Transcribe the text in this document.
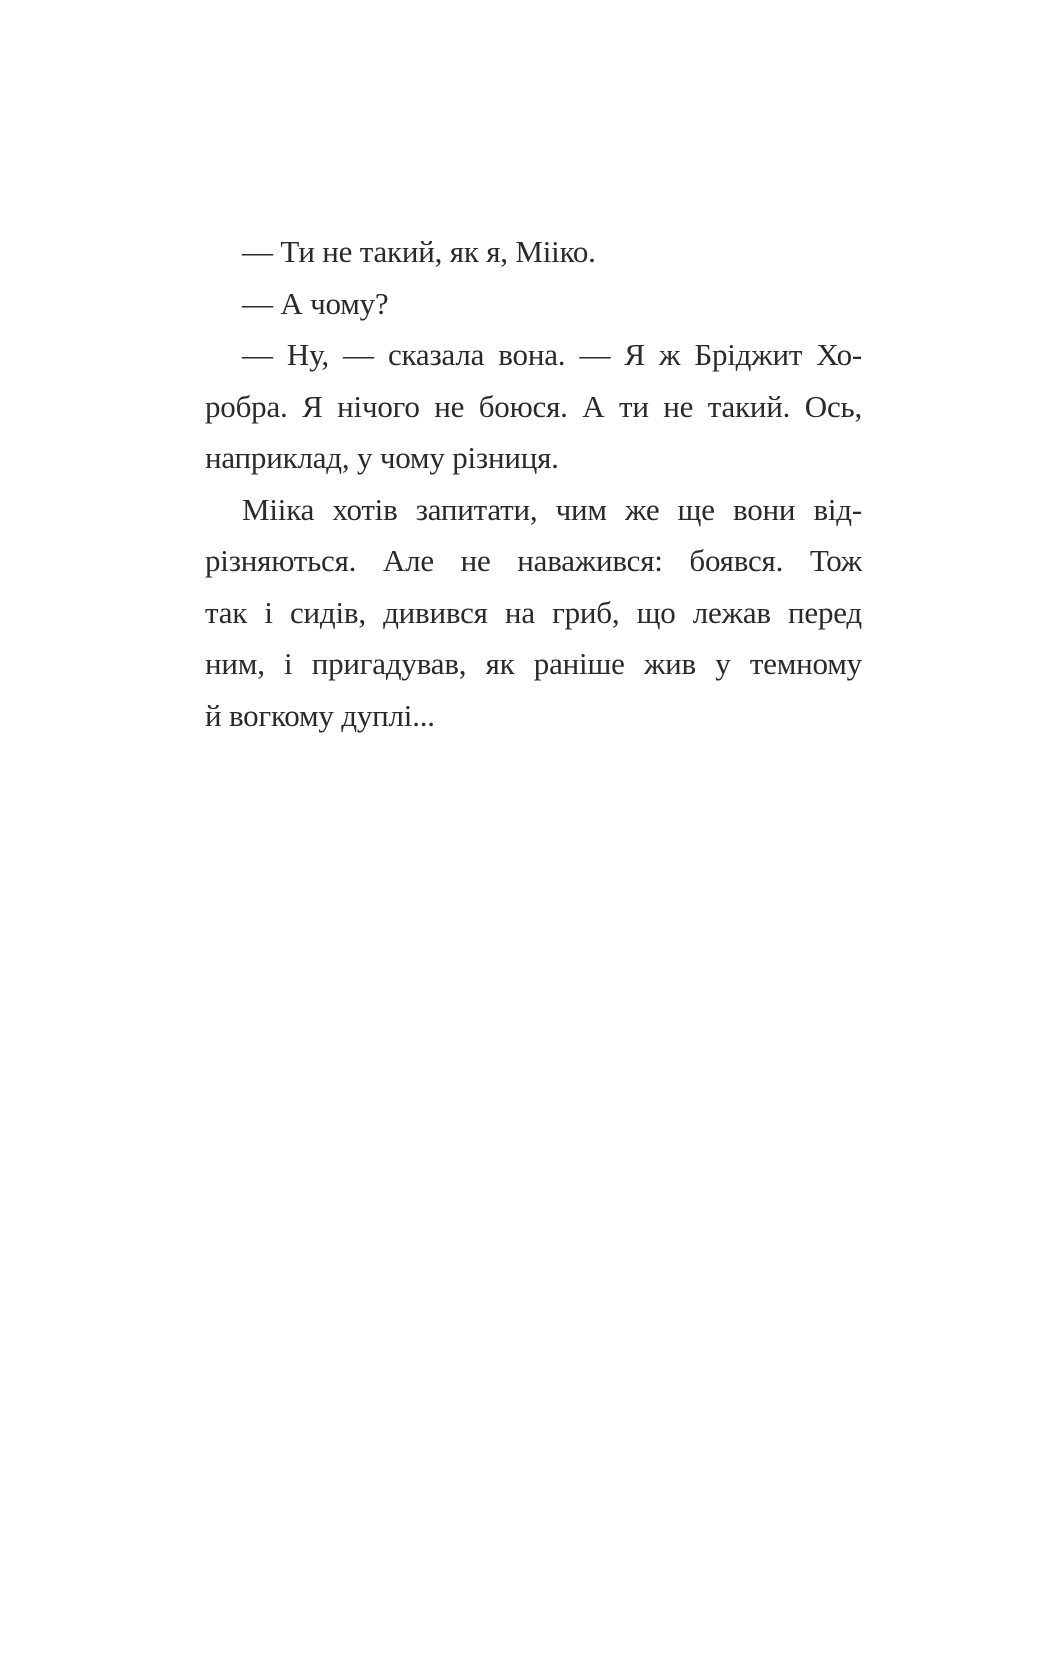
— Ти не такий, як я, Мііко.
— А чому?
— Ну, — сказала вона. — Я ж Бріджит Хо-
робра. Я нічого не боюся. А ти не такий. Ось,
наприклад, у чому різниця.
Мііка хотів запитати, чим же ще вони від-
різняються. Але не наважився: боявся. Тож
так і сидів, дивився на гриб, що лежав перед
ним, і пригадував, як раніше жив у темному
й вогкому дуплі...
